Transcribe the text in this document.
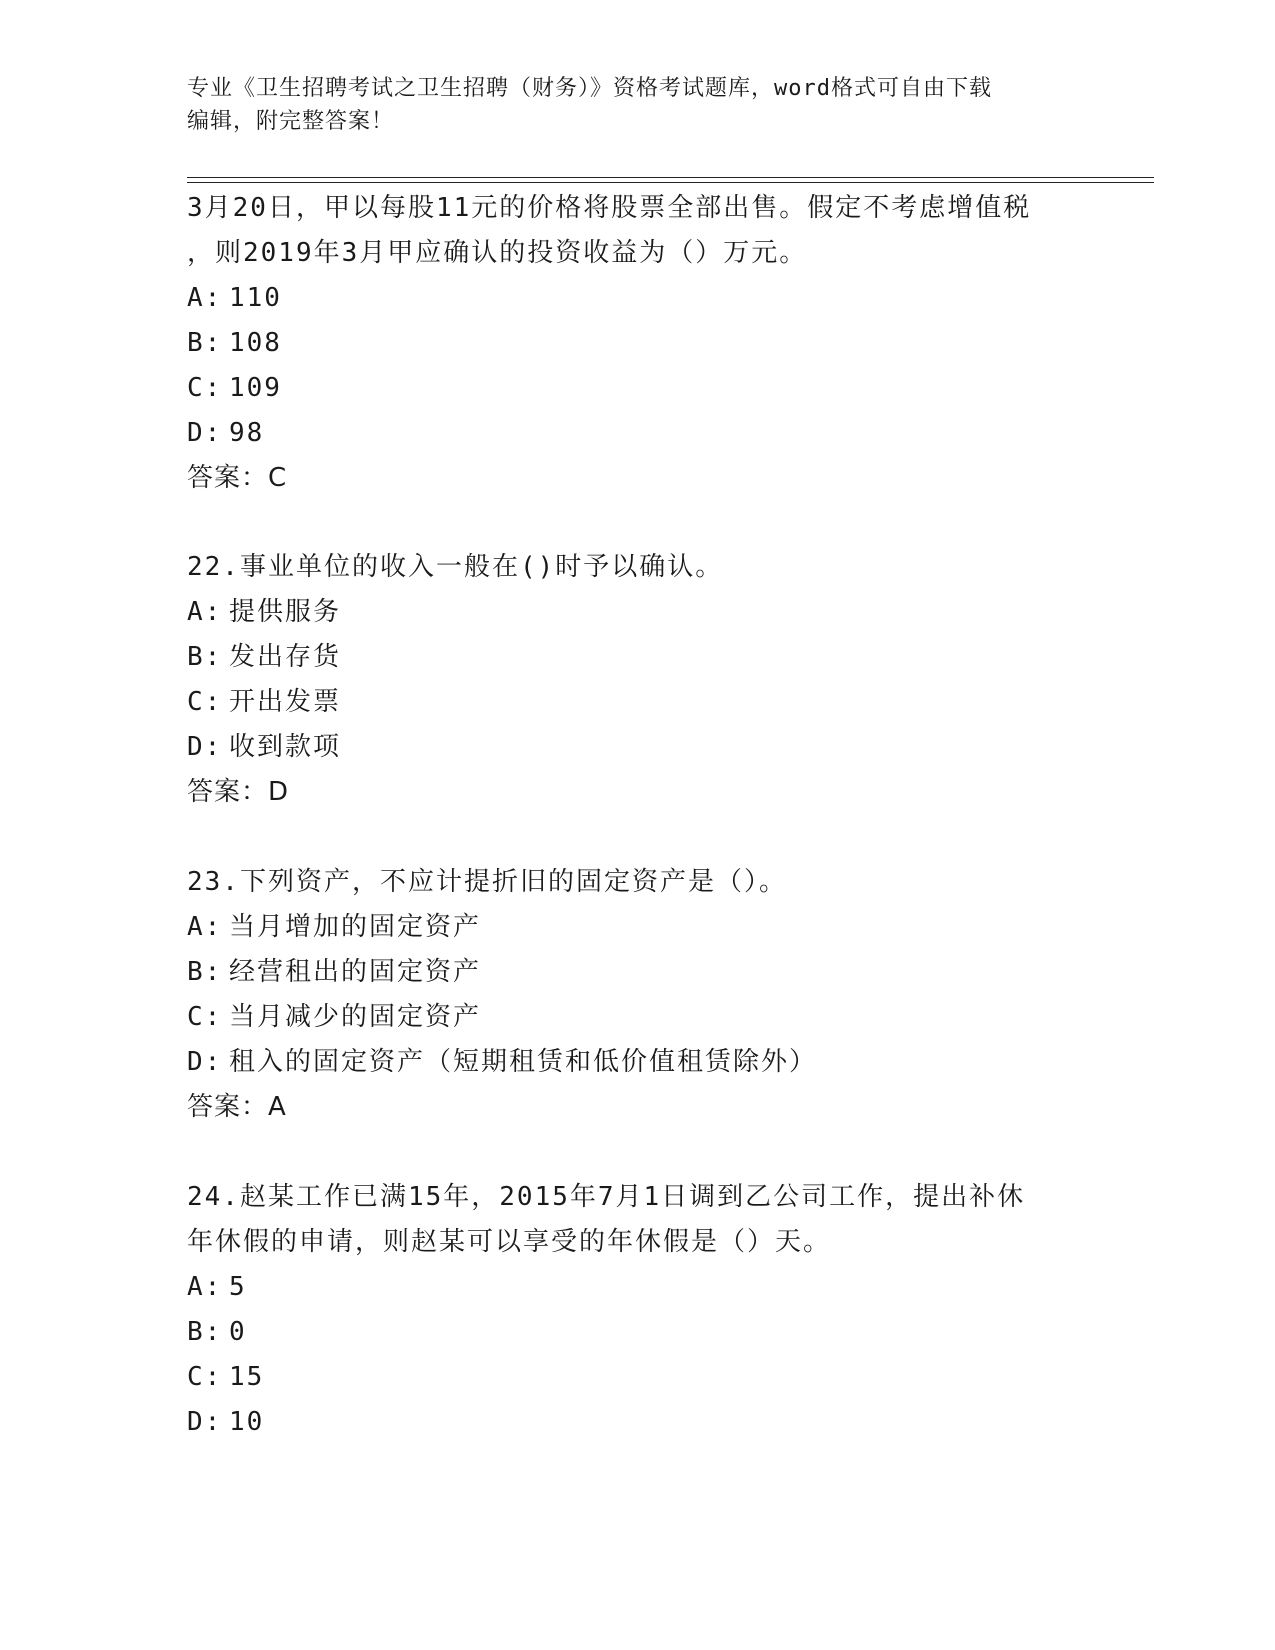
专业《卫生招聘考试之卫生招聘（财务）》资格考试题库，word格式可自由下载
编辑，附完整答案！

3月20日，甲以每股11元的价格将股票全部出售。假定不考虑增值税

，则2019年3月甲应确认的投资收益为（）万元。

A: 110

B: 108

C: 109

D: 98

答案：C

22.事业单位的收入一般在()时予以确认。

A: 提供服务

B: 发出存货

C: 开出发票

D: 收到款项

答案：D

23.下列资产，不应计提折旧的固定资产是（）。

A: 当月增加的固定资产

B: 经营租出的固定资产

C: 当月减少的固定资产

D: 租入的固定资产（短期租赁和低价值租赁除外）

答案：A

24.赵某工作已满15年，2015年7月1日调到乙公司工作，提出补休

年休假的申请，则赵某可以享受的年休假是（）天。

A: 5

B: 0

C: 15

D: 10
